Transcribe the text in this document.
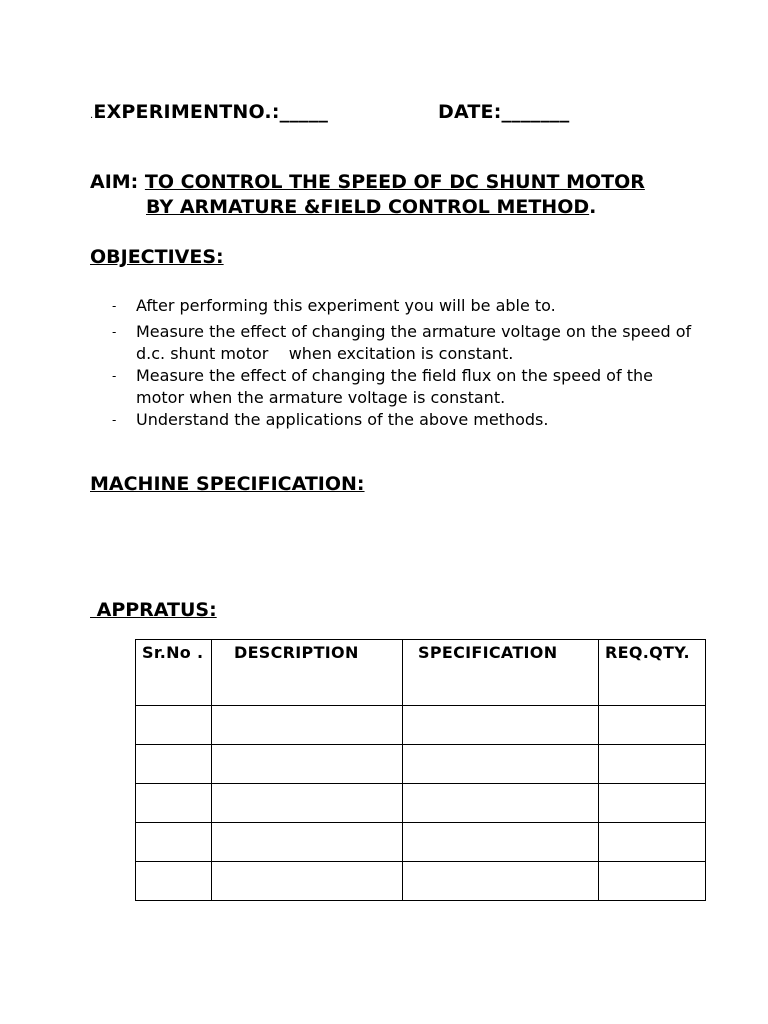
.EXPERIMENTNO.:_____	DATE:_______
AIM: TO CONTROL THE SPEED OF DC SHUNT MOTOR
BY ARMATURE &FIELD CONTROL METHOD.
OBJECTIVES:
- After performing this experiment you will be able to.
- Measure the effect of changing the armature voltage on the speed of d.c. shunt motor    when excitation is constant.
- Measure the effect of changing the field flux on the speed of the motor when the armature voltage is constant.
- Understand the applications of the above methods.
MACHINE SPECIFICATION:
APPRATUS:
Sr.No .	DESCRIPTION	SPECIFICATION	REQ.QTY.
